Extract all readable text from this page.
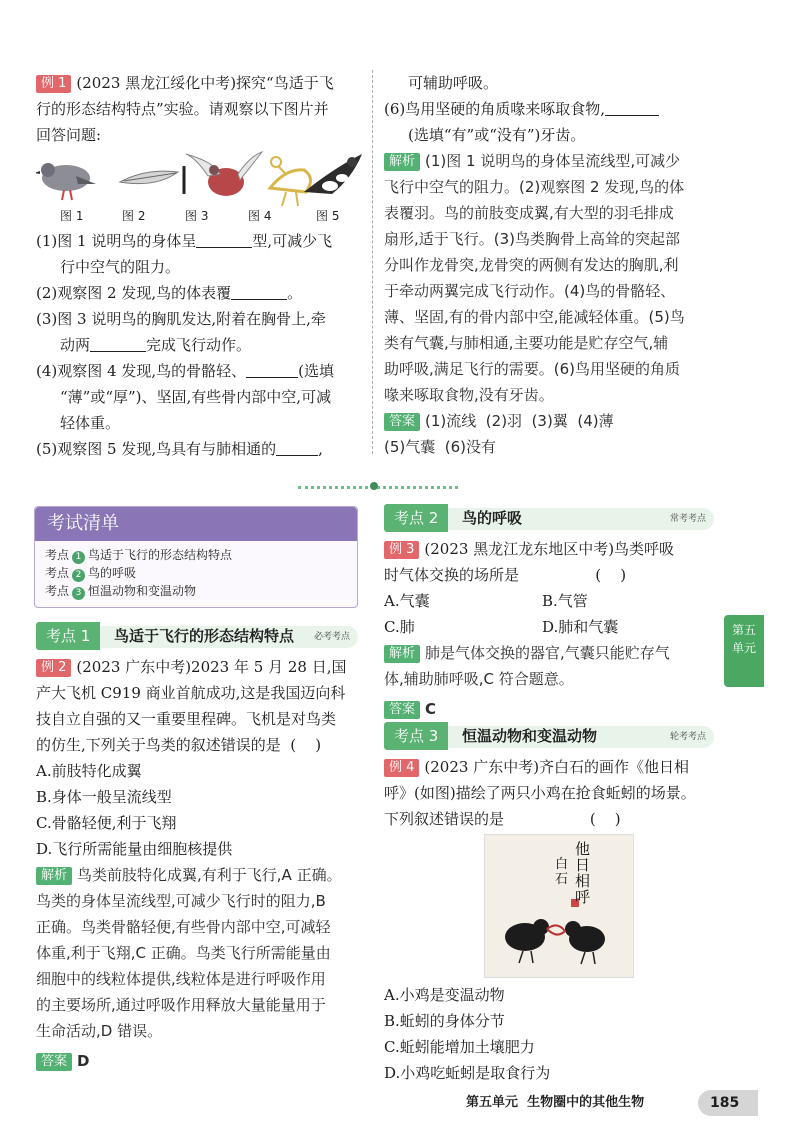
例 1 (2023 黑龙江绥化中考)探究“鸟适于飞
行的形态结构特点”实验。请观察以下图片并
回答问题:
图 1	图 2	图 3	图 4	图 5
(1)图 1 说明鸟的身体呈	型,可减少飞
行中空气的阻力。
(2)观察图 2 发现,鸟的体表覆	。
(3)图 3 说明鸟的胸肌发达,附着在胸骨上,牵
动两	完成飞行动作。
(4)观察图 4 发现,鸟的骨骼轻、	(选填
“薄”或“厚”)、坚固,有些骨内部中空,可减
轻体重。
(5)观察图 5 发现,鸟具有与肺相通的	,
可辅助呼吸。
(6)鸟用坚硬的角质喙来啄取食物,
(选填“有”或“没有”)牙齿。
解析 (1)图 1 说明鸟的身体呈流线型,可减少
飞行中空气的阻力。(2)观察图 2 发现,鸟的体
表覆羽。鸟的前肢变成翼,有大型的羽毛排成
扇形,适于飞行。(3)鸟类胸骨上高耸的突起部
分叫作龙骨突,龙骨突的两侧有发达的胸肌,利
于牵动两翼完成飞行动作。(4)鸟的骨骼轻、
薄、坚固,有的骨内部中空,能减轻体重。(5)鸟
类有气囊,与肺相通,主要功能是贮存空气,辅
助呼吸,满足飞行的需要。(6)鸟用坚硬的角质
喙来啄取食物,没有牙齿。
答案 (1)流线  (2)羽  (3)翼  (4)薄
(5)气囊  (6)没有
考试清单
考点 1 鸟适于飞行的形态结构特点
考点 2 鸟的呼吸
考点 3 恒温动物和变温动物
考点 1	鸟适于飞行的形态结构特点 必考考点
例 2 (2023 广东中考)2023 年 5 月 28 日,国
产大飞机 C919 商业首航成功,这是我国迈向科
技自立自强的又一重要里程碑。飞机是对鸟类
的仿生,下列关于鸟类的叙述错误的是  (    )
A.前肢特化成翼
B.身体一般呈流线型
C.骨骼轻便,利于飞翔
D.飞行所需能量由细胞核提供
解析 鸟类前肢特化成翼,有利于飞行,A 正确。
鸟类的身体呈流线型,可减少飞行时的阻力,B
正确。鸟类骨骼轻便,有些骨内部中空,可减轻
体重,利于飞翔,C 正确。鸟类飞行所需能量由
细胞中的线粒体提供,线粒体是进行呼吸作用
的主要场所,通过呼吸作用释放大量能量用于
生命活动,D 错误。
答案 D
考点 2	鸟的呼吸	常考考点
例 3 (2023 黑龙江龙东地区中考)鸟类呼吸
时气体交换的场所是                (    )
A.气囊	B.气管
C.肺	D.肺和气囊
解析 肺是气体交换的器官,气囊只能贮存气
体,辅助肺呼吸,C 符合题意。
答案 C
考点 3	恒温动物和变温动物	轮考考点
例 4 (2023 广东中考)齐白石的画作《他日相
呼》(如图)描绘了两只小鸡在抢食蚯蚓的场景。
下列叙述错误的是                  (    )
他
日
相
呼
白
石
A.小鸡是变温动物
B.蚯蚓的身体分节
C.蚯蚓能增加土壤肥力
D.小鸡吃蚯蚓是取食行为
第五
单元
第五单元 生物圈中的其他生物	185
